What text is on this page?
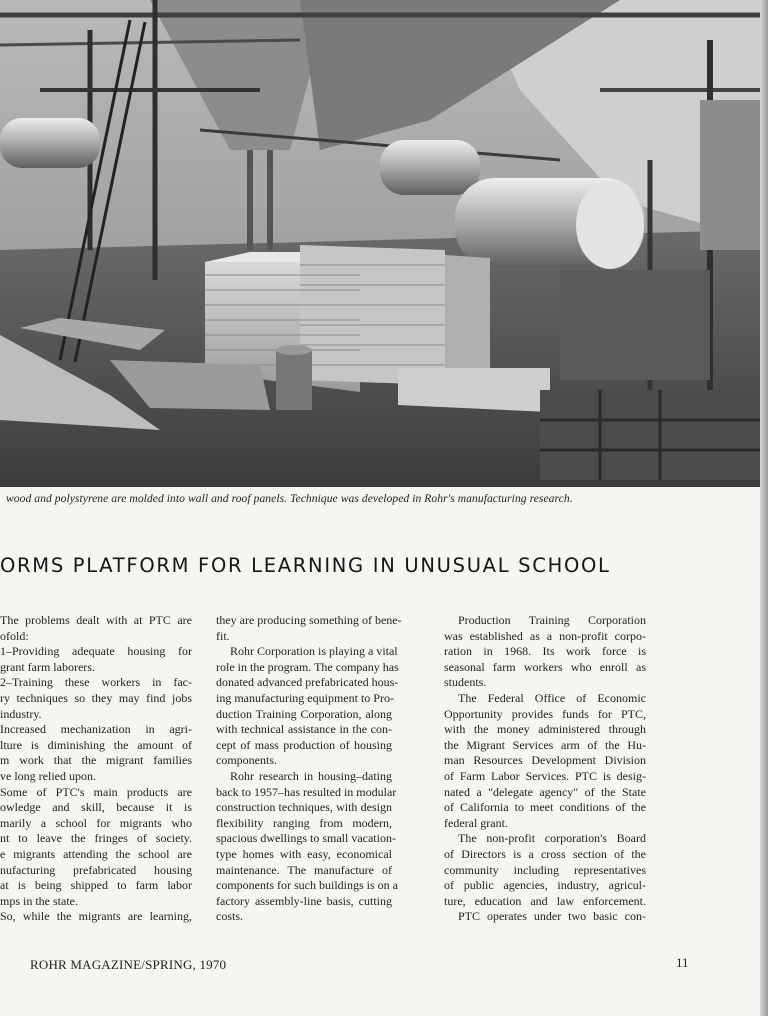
wood and polystyrene are molded into wall and roof panels. Technique was developed in Rohr's manufacturing research.
ORMS PLATFORM FOR LEARNING IN UNUSUAL SCHOOL

The problems dealt with at PTC are

ofold:

1–Providing adequate housing for

grant farm laborers.

2–Training these workers in fac-

ry techniques so they may find jobs

industry.

Increased mechanization in agri-

lture is diminishing the amount of

m work that the migrant families

ve long relied upon.

Some of PTC's main products are

owledge and skill, because it is

marily a school for migrants who

nt to leave the fringes of society.

e migrants attending the school are

nufacturing prefabricated housing

at is being shipped to farm labor

mps in the state.

So, while the migrants are learning,

they are producing something of bene-

fit.

Rohr Corporation is playing a vital

role in the program. The company has

donated advanced prefabricated hous-

ing manufacturing equipment to Pro-

duction Training Corporation, along

with technical assistance in the con-

cept of mass production of housing

components.

Rohr research in housing–dating

back to 1957–has resulted in modular

construction techniques, with design

flexibility ranging from modern,

spacious dwellings to small vacation-

type homes with easy, economical

maintenance. The manufacture of

components for such buildings is on a

factory assembly-line basis, cutting

costs.

Production Training Corporation

was established as a non-profit corpo-

ration in 1968. Its work force is

seasonal farm workers who enroll as

students.

The Federal Office of Economic

Opportunity provides funds for PTC,

with the money administered through

the Migrant Services arm of the Hu-

man Resources Development Division

of Farm Labor Services. PTC is desig-

nated a "delegate agency" of the State

of California to meet conditions of the

federal grant.

The non-profit corporation's Board

of Directors is a cross section of the

community including representatives

of public agencies, industry, agricul-

ture, education and law enforcement.

PTC operates under two basic con-

ROHR MAGAZINE/SPRING, 1970	11
